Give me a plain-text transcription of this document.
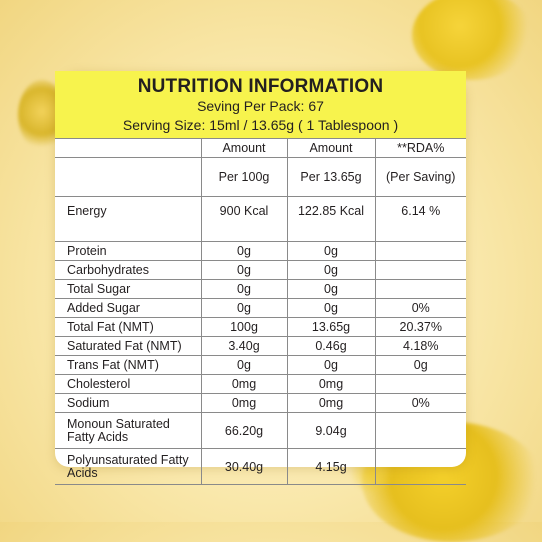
NUTRITION INFORMATION
Seving Per Pack: 67
Serving Size: 15ml / 13.65g ( 1 Tablespoon )
	Amount	Amount	**RDA%
	Per 100g	Per 13.65g	(Per Saving)
Energy	900 Kcal	122.85 Kcal	6.14 %
Protein	0g	0g	
Carbohydrates	0g	0g	
Total Sugar	0g	0g	
Added Sugar	0g	0g	0%
Total Fat (NMT)	100g	13.65g	20.37%
Saturated Fat (NMT)	3.40g	0.46g	4.18%
Trans Fat (NMT)	0g	0g	0g
Cholesterol	0mg	0mg	
Sodium	0mg	0mg	0%
Monoun Saturated Fatty Acids	66.20g	9.04g	
Polyunsaturated Fatty Acids	30.40g	4.15g	
